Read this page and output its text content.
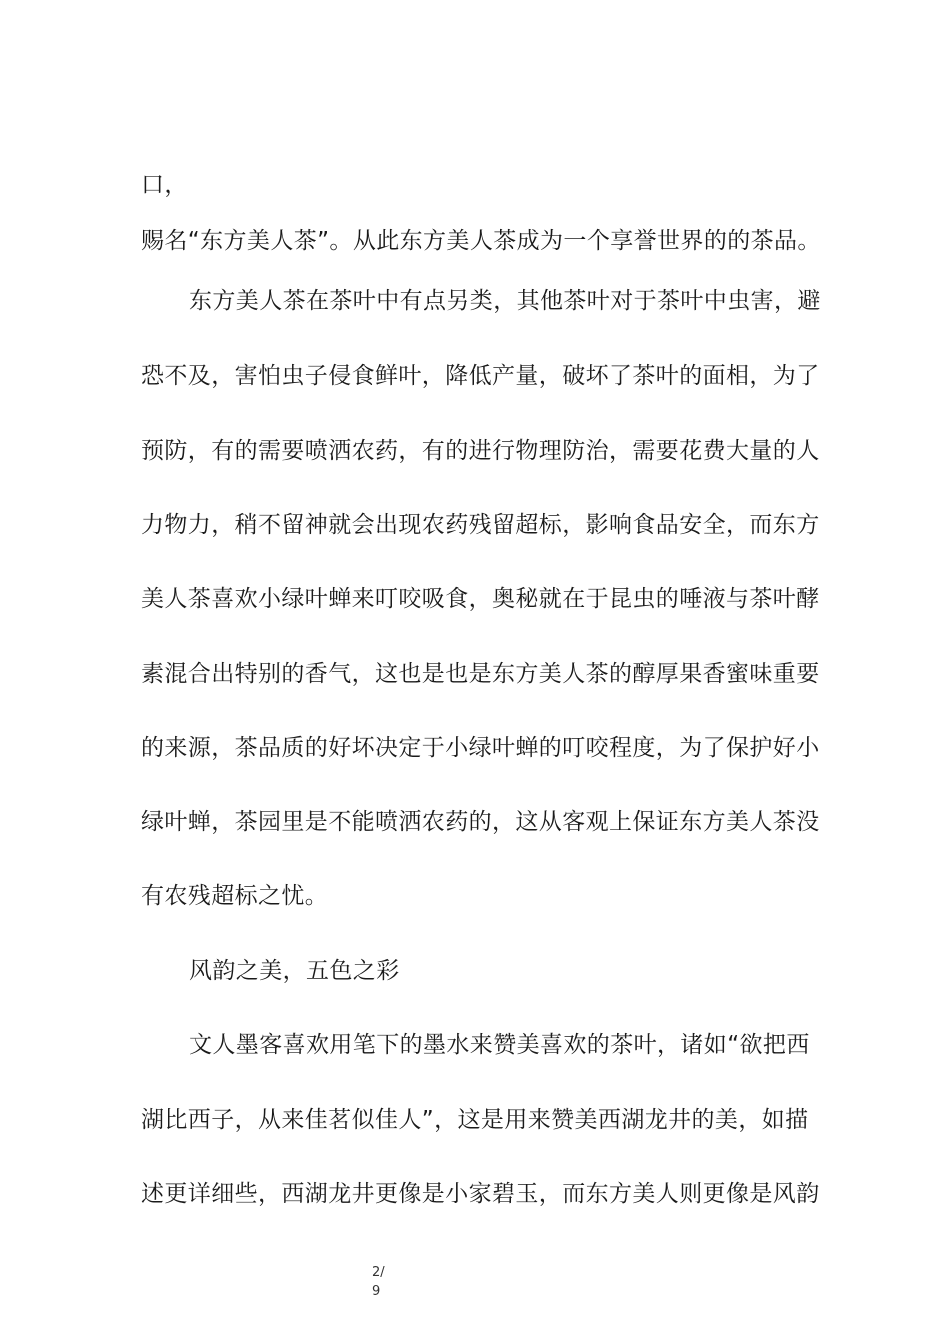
口，
赐名“东方美人茶”。从此东方美人茶成为一个享誉世界的的茶品。
东方美人茶在茶叶中有点另类，其他茶叶对于茶叶中虫害，避
恐不及，害怕虫子侵食鲜叶，降低产量，破坏了茶叶的面相，为了
预防，有的需要喷洒农药，有的进行物理防治，需要花费大量的人
力物力，稍不留神就会出现农药残留超标，影响食品安全，而东方
美人茶喜欢小绿叶蝉来叮咬吸食，奥秘就在于昆虫的唾液与茶叶酵
素混合出特别的香气，这也是也是东方美人茶的醇厚果香蜜味重要
的来源，茶品质的好坏决定于小绿叶蝉的叮咬程度，为了保护好小
绿叶蝉，茶园里是不能喷洒农药的，这从客观上保证东方美人茶没
有农残超标之忧。
风韵之美，五色之彩
文人墨客喜欢用笔下的墨水来赞美喜欢的茶叶，诸如“欲把西
湖比西子，从来佳茗似佳人”，这是用来赞美西湖龙井的美，如描
述更详细些，西湖龙井更像是小家碧玉，而东方美人则更像是风韵
2/
9
